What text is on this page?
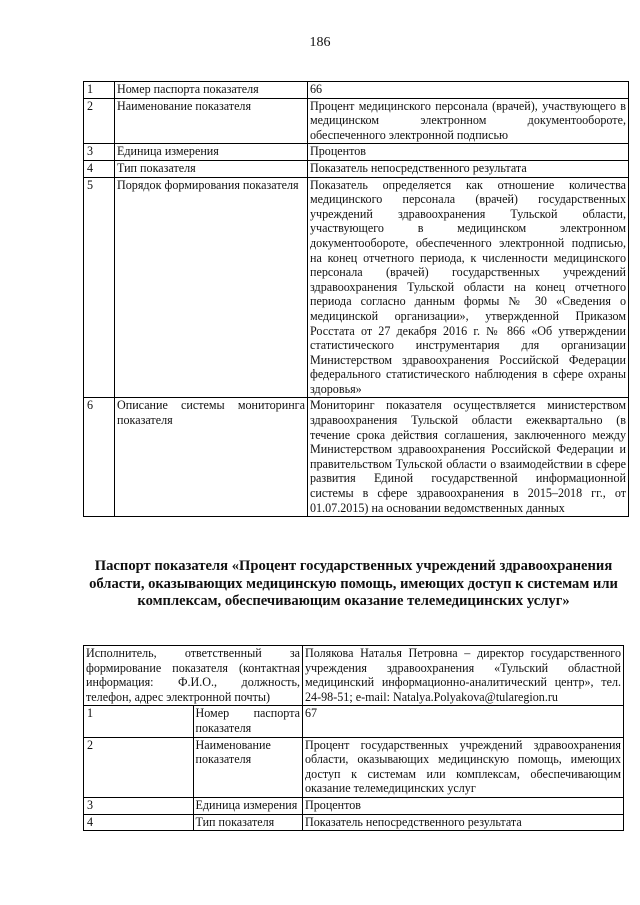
186
1	Номер паспорта показателя	66
2	Наименование показателя	Процент медицинского персонала (врачей), участвующего в медицинском электронном документообороте, обеспеченного электронной подписью
3	Единица измерения	Процентов
4	Тип показателя	Показатель непосредственного результата
5	Порядок формирования показателя	Показатель определяется как отношение количества медицинского персонала (врачей) государственных учреждений здравоохранения Тульской области, участвующего в медицинском электронном документообороте, обеспеченного электронной подписью, на конец отчетного периода, к численности медицинского персонала (врачей) государственных учреждений здравоохранения Тульской области на конец отчетного периода согласно данным формы № 30 «Сведения о медицинской организации», утвержденной Приказом Росстата от 27 декабря 2016 г. № 866 «Об утверждении статистического инструментария для организации Министерством здравоохранения Российской Федерации федерального статистического наблюдения в сфере охраны здоровья»
6	Описание системы мониторинга показателя	Мониторинг показателя осуществляется министерством здравоохранения Тульской области ежеквартально (в течение срока действия соглашения, заключенного между Министерством здравоохранения Российской Федерации и правительством Тульской области о взаимодействии в сфере развития Единой государственной информационной системы в сфере здравоохранения в 2015–2018 гг., от 01.07.2015) на основании ведомственных данных
Паспорт показателя «Процент государственных учреждений здравоохранения области, оказывающих медицинскую помощь, имеющих доступ к системам или комплексам, обеспечивающим оказание телемедицинских услуг»
Исполнитель, ответственный за формирование показателя (контактная информация: Ф.И.О., должность, телефон, адрес электронной почты)		Полякова Наталья Петровна – директор государственного учреждения здравоохранения «Тульский областной медицинский информационно-аналитический центр», тел. 24-98-51; e-mail: Natalya.Polyakova@tularegion.ru
1	Номер паспорта показателя	67
2	Наименование показателя	Процент государственных учреждений здравоохранения области, оказывающих медицинскую помощь, имеющих доступ к системам или комплексам, обеспечивающим оказание телемедицинских услуг
3	Единица измерения	Процентов
4	Тип показателя	Показатель непосредственного результата
